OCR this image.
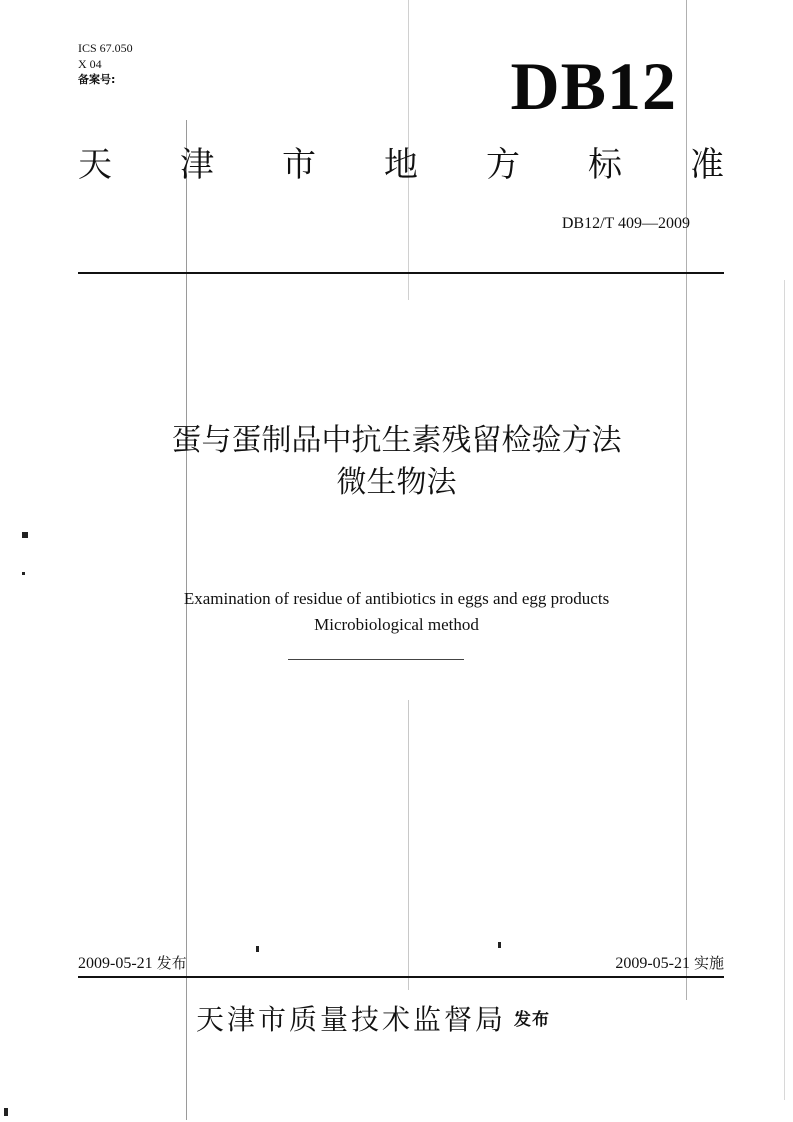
ICS 67.050
X 04
备案号:	DB12
天 津 市 地 方 标 准
DB12/T 409—2009
蛋与蛋制品中抗生素残留检验方法
微生物法
Examination of residue of antibiotics in eggs and egg products
Microbiological method
2009-05-21 发布	2009-05-21 实施
天津市质量技术监督局 发布
